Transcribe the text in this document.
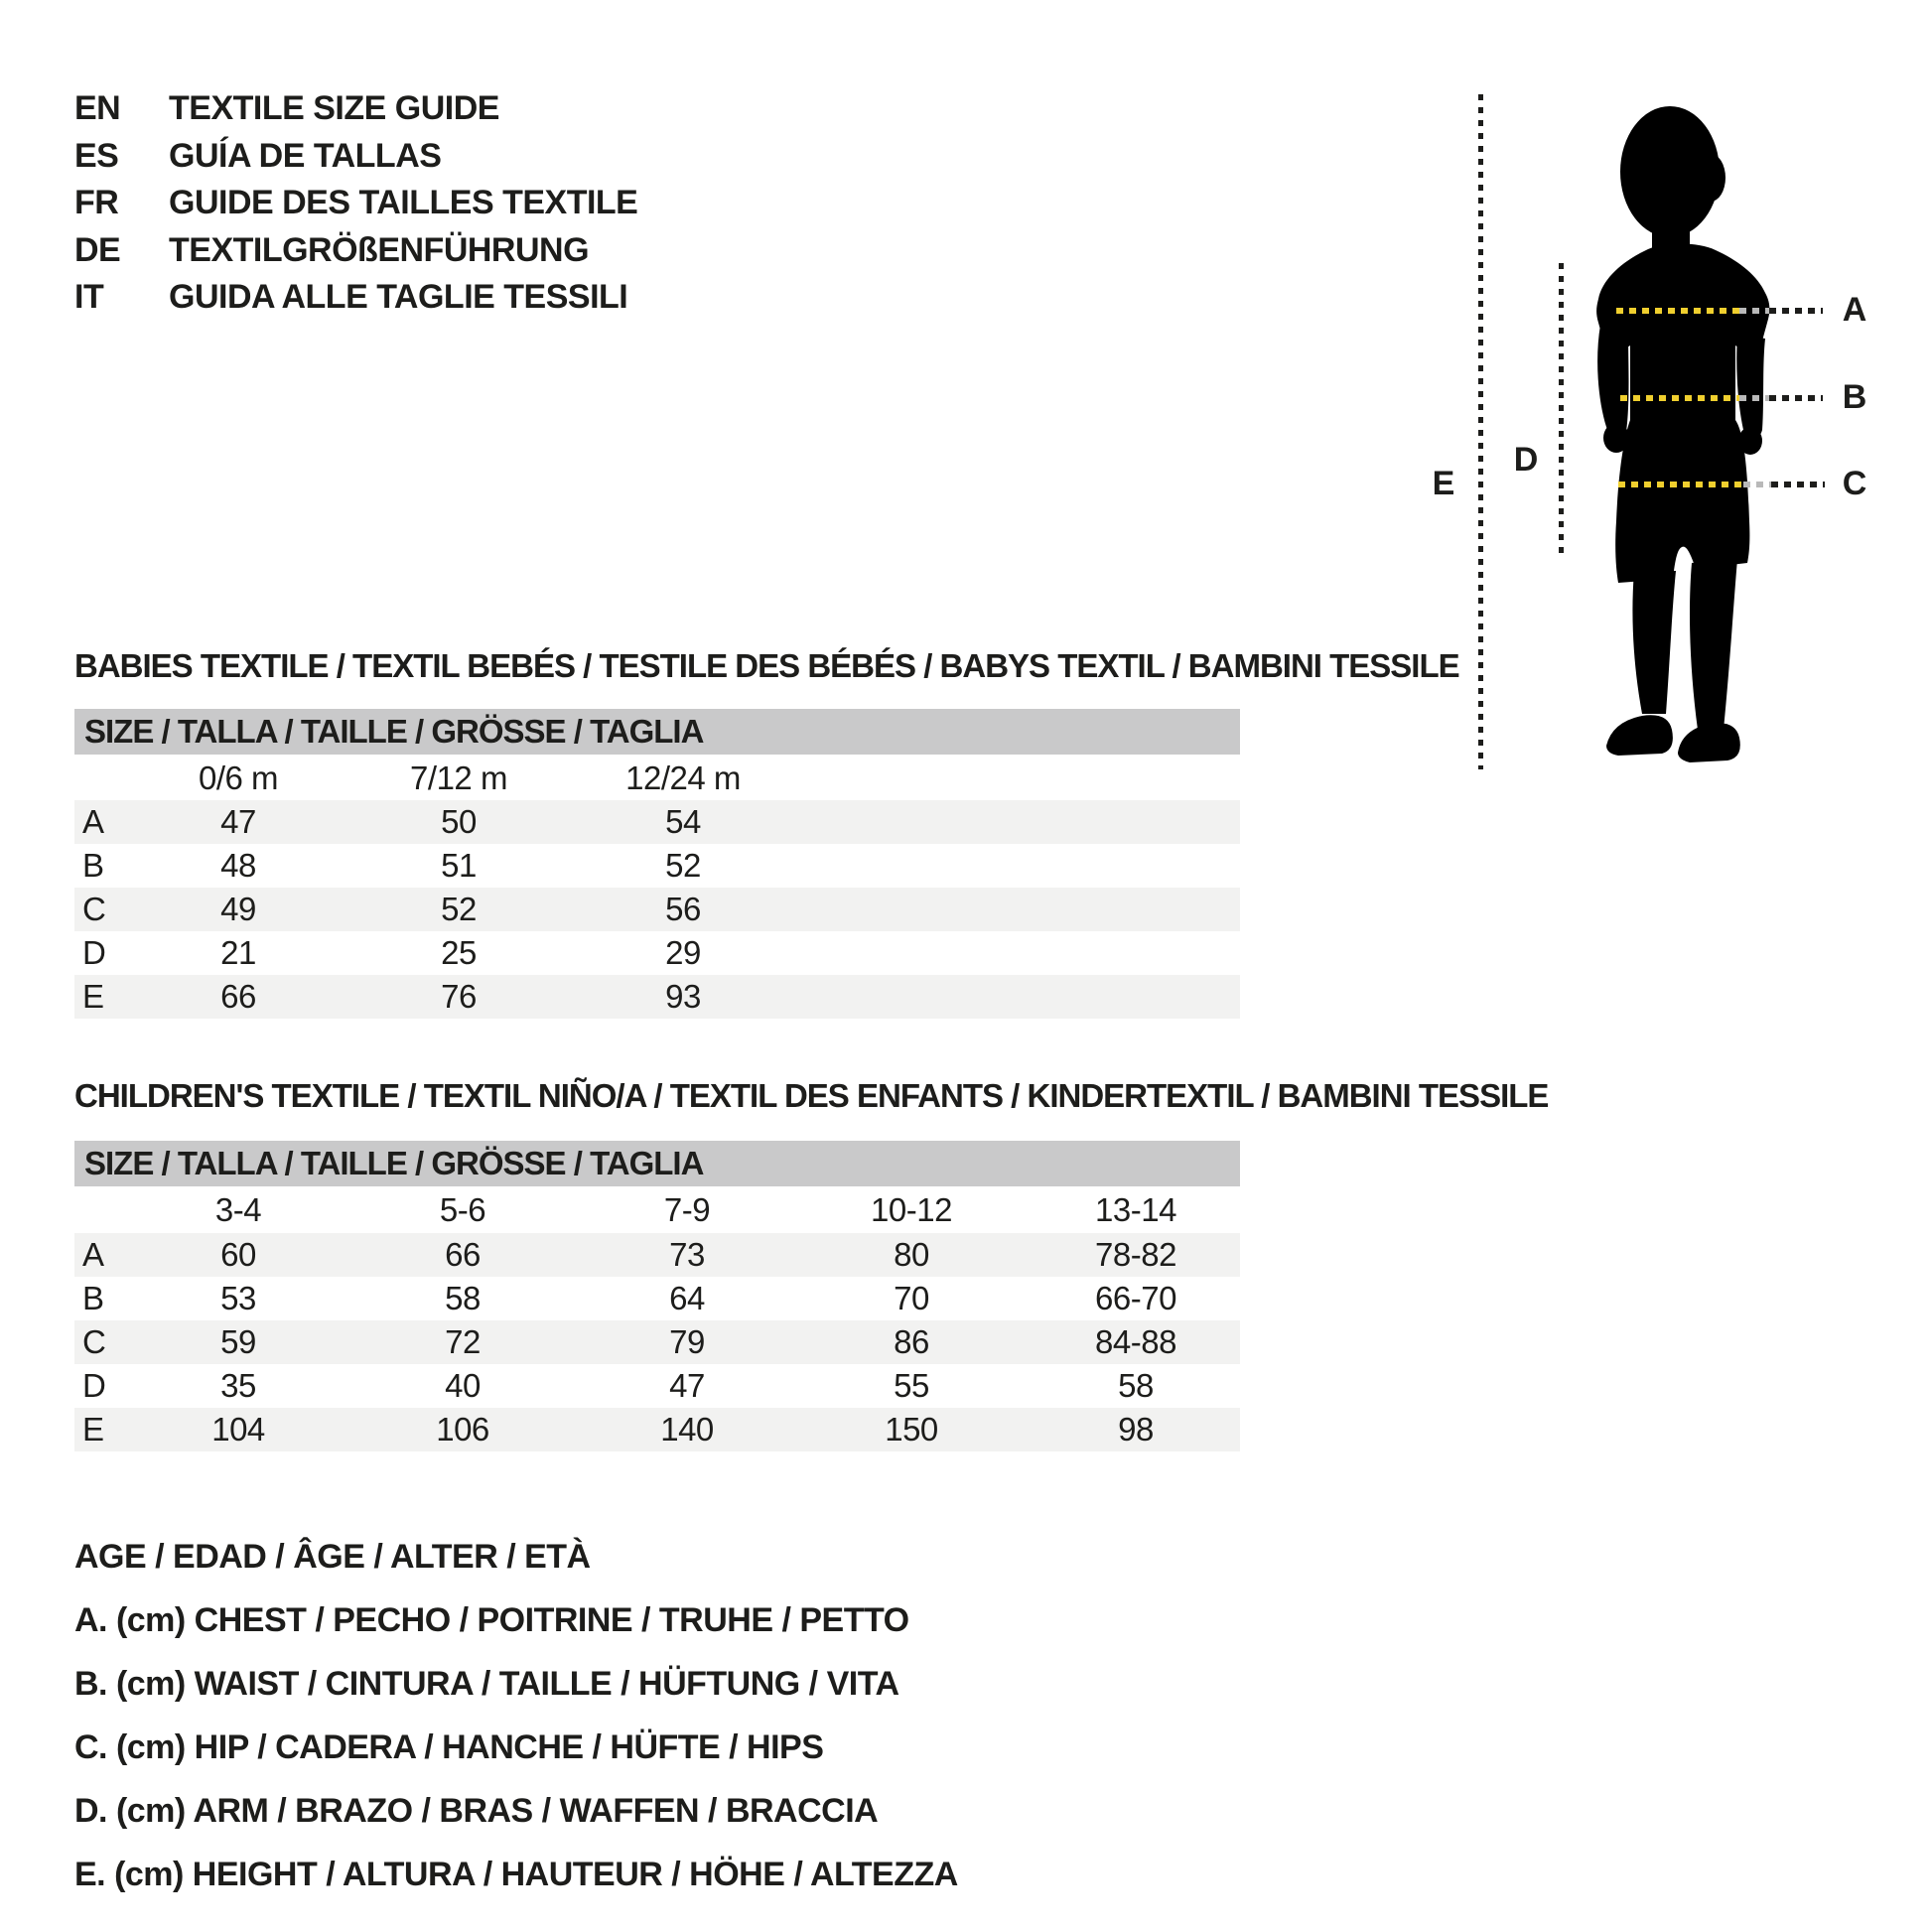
EN	TEXTILE SIZE GUIDE
ES	GUÍA DE TALLAS
FR	GUIDE DES TAILLES TEXTILE
DE	TEXTILGRÖßENFÜHRUNG
IT	GUIDA ALLE TAGLIE TESSILI	A
B
C
D
E
BABIES TEXTILE / TEXTIL BEBÉS / TESTILE DES BÉBÉS / BABYS TEXTIL / BAMBINI TESSILE
SIZE / TALLA / TAILLE / GRÖSSE / TAGLIA
0/6 m	7/12 m	12/24 m
A	47	50	54
B	48	51	52
C	49	52	56
D	21	25	29
E	66	76	93
CHILDREN'S TEXTILE / TEXTIL NIÑO/A / TEXTIL DES ENFANTS / KINDERTEXTIL / BAMBINI TESSILE
SIZE / TALLA / TAILLE / GRÖSSE / TAGLIA
3-4	5-6	7-9	10-12	13-14
A	60	66	73	80	78-82
B	53	58	64	70	66-70
C	59	72	79	86	84-88
D	35	40	47	55	58
E	104	106	140	150	98
AGE / EDAD / ÂGE / ALTER / ETÀ
A. (cm) CHEST / PECHO / POITRINE / TRUHE / PETTO
B. (cm) WAIST / CINTURA / TAILLE / HÜFTUNG / VITA
C. (cm) HIP / CADERA / HANCHE / HÜFTE / HIPS
D. (cm) ARM / BRAZO / BRAS / WAFFEN / BRACCIA
E. (cm) HEIGHT / ALTURA / HAUTEUR / HÖHE / ALTEZZA
